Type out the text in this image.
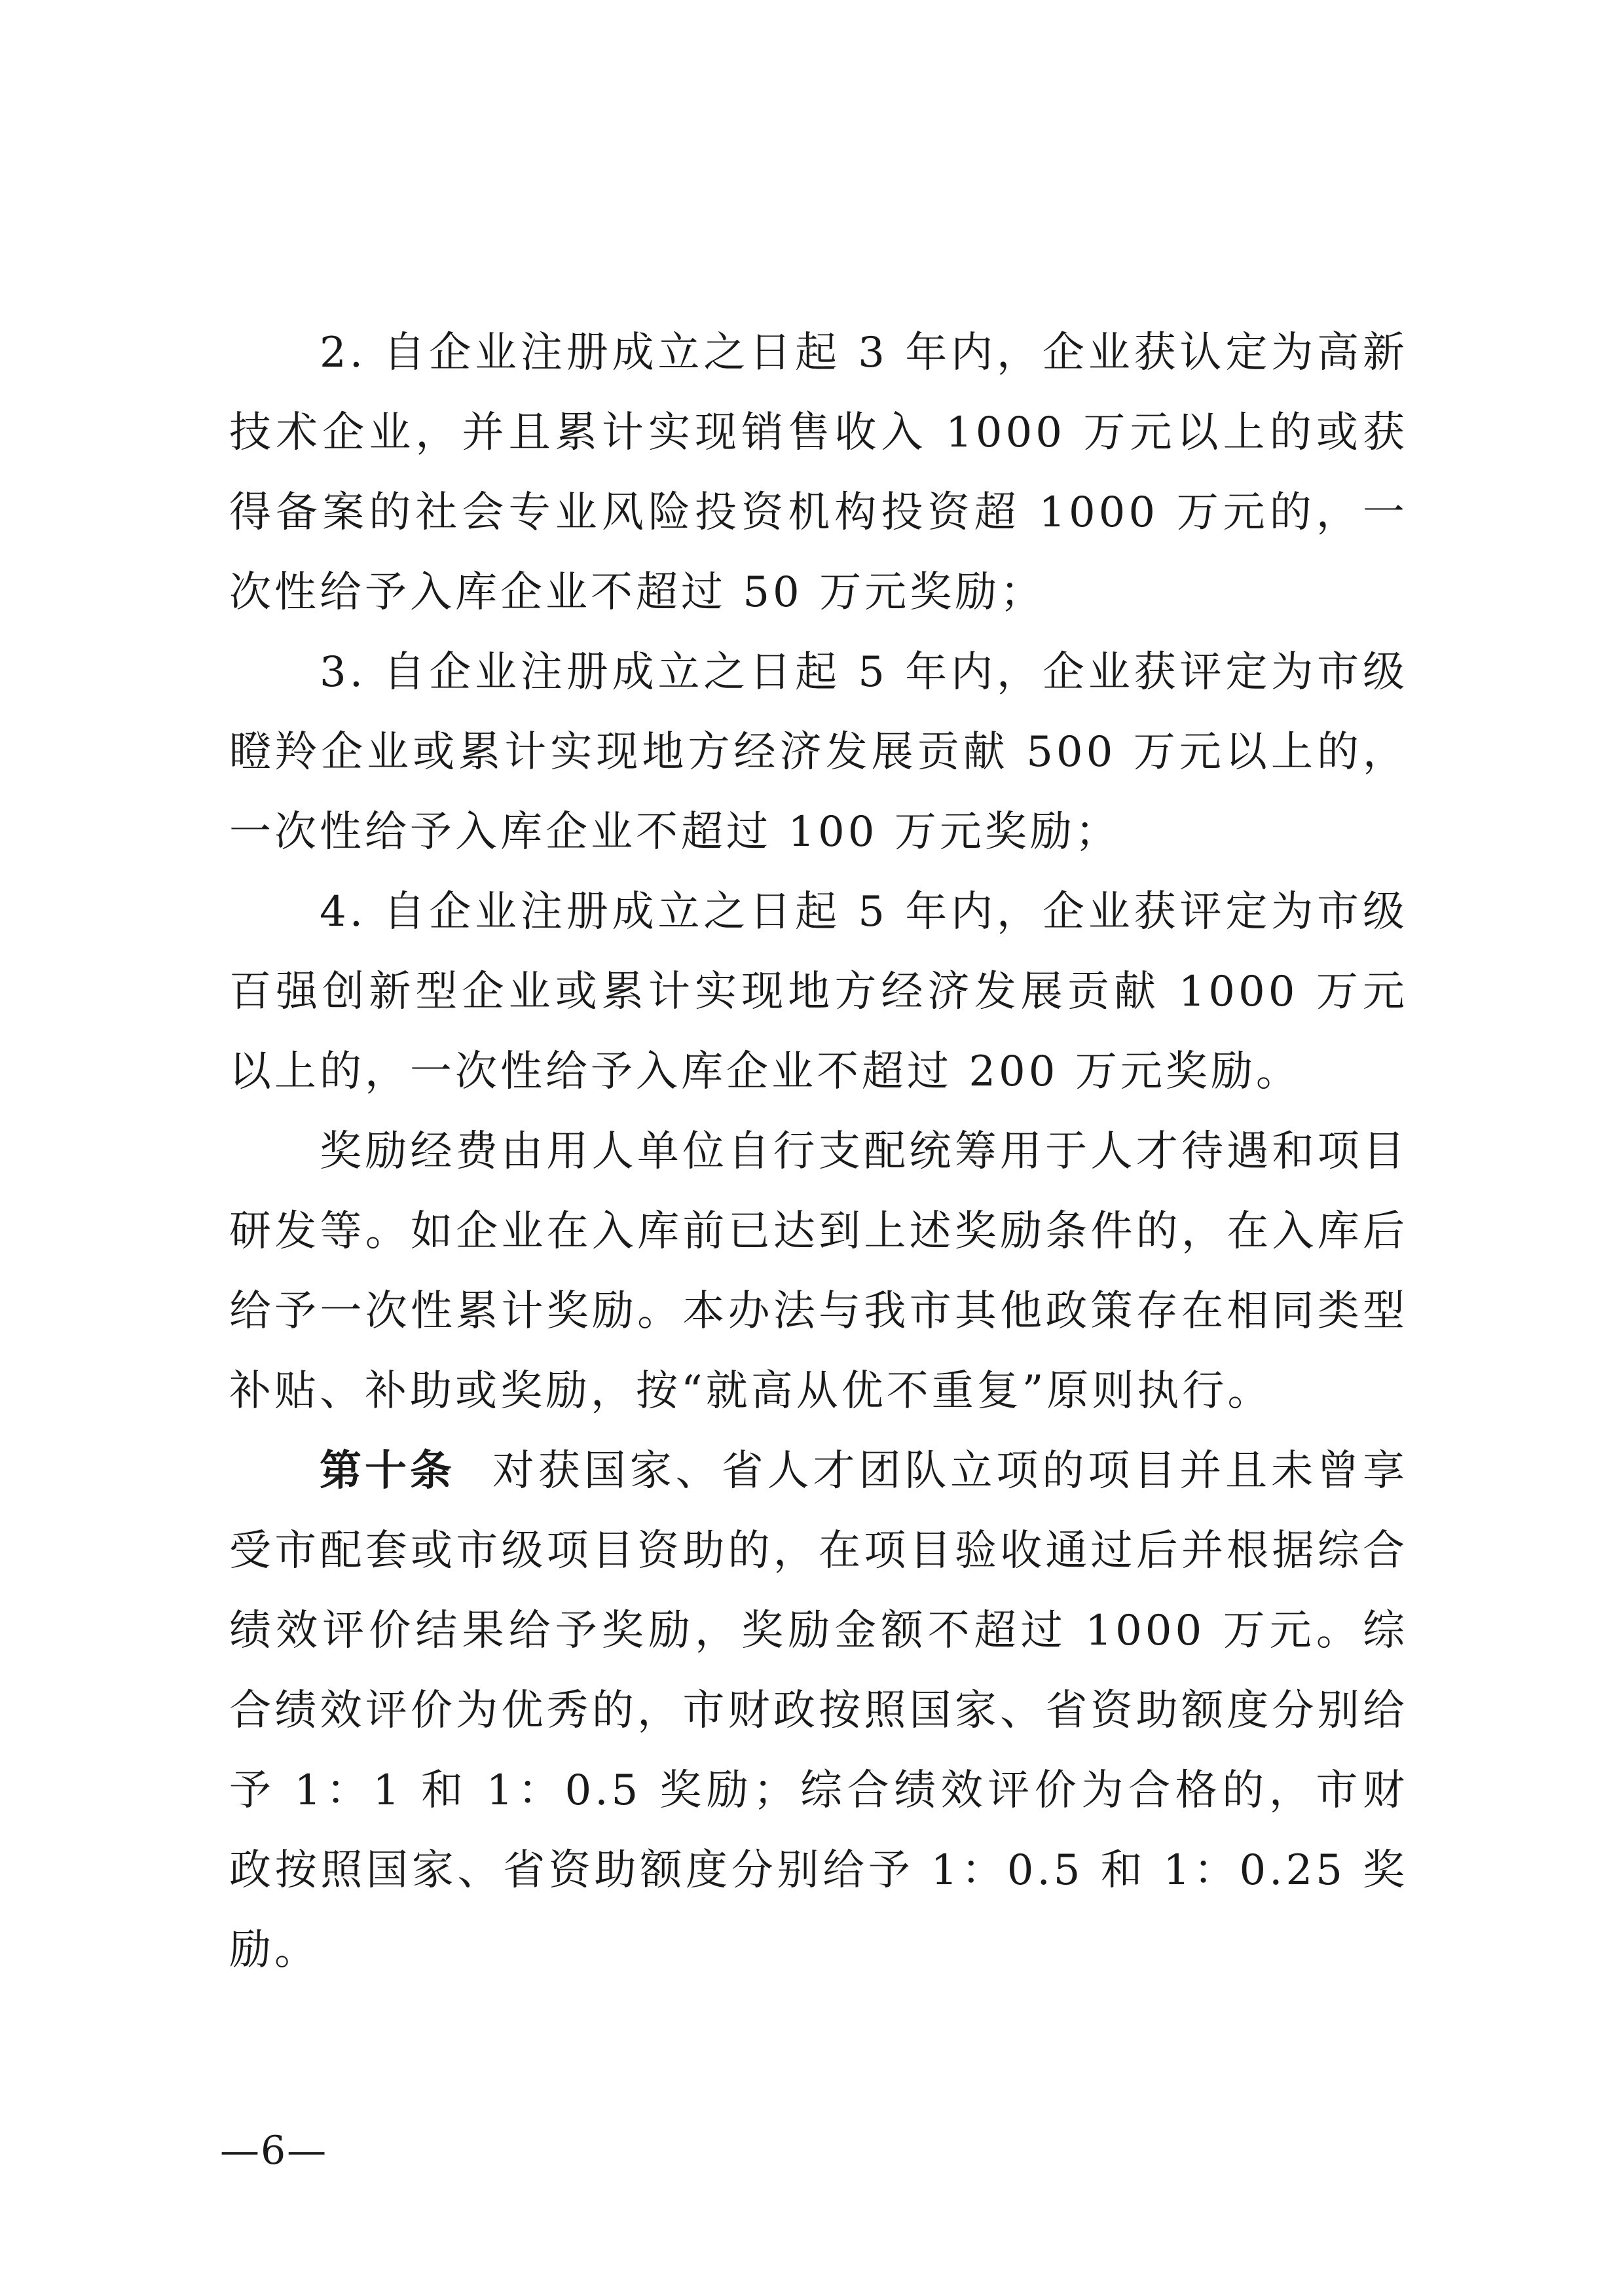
2. 自企业注册成立之日起 3 年内，企业获认定为高新技术企业，并且累计实现销售收入 1000 万元以上的或获得备案的社会专业风险投资机构投资超 1000 万元的，一次性给予入库企业不超过 50 万元奖励；

3. 自企业注册成立之日起 5 年内，企业获评定为市级瞪羚企业或累计实现地方经济发展贡献 500 万元以上的，一次性给予入库企业不超过 100 万元奖励；

4. 自企业注册成立之日起 5 年内，企业获评定为市级百强创新型企业或累计实现地方经济发展贡献 1000 万元以上的，一次性给予入库企业不超过 200 万元奖励。

奖励经费由用人单位自行支配统筹用于人才待遇和项目研发等。如企业在入库前已达到上述奖励条件的，在入库后给予一次性累计奖励。本办法与我市其他政策存在相同类型补贴、补助或奖励，按“就高从优不重复”原则执行。

第十条 对获国家、省人才团队立项的项目并且未曾享受市配套或市级项目资助的，在项目验收通过后并根据综合绩效评价结果给予奖励，奖励金额不超过 1000 万元。综合绩效评价为优秀的，市财政按照国家、省资助额度分别给予 1：1 和 1：0.5 奖励；综合绩效评价为合格的，市财政按照国家、省资助额度分别给予 1：0.5 和 1：0.25 奖励。

—6—
